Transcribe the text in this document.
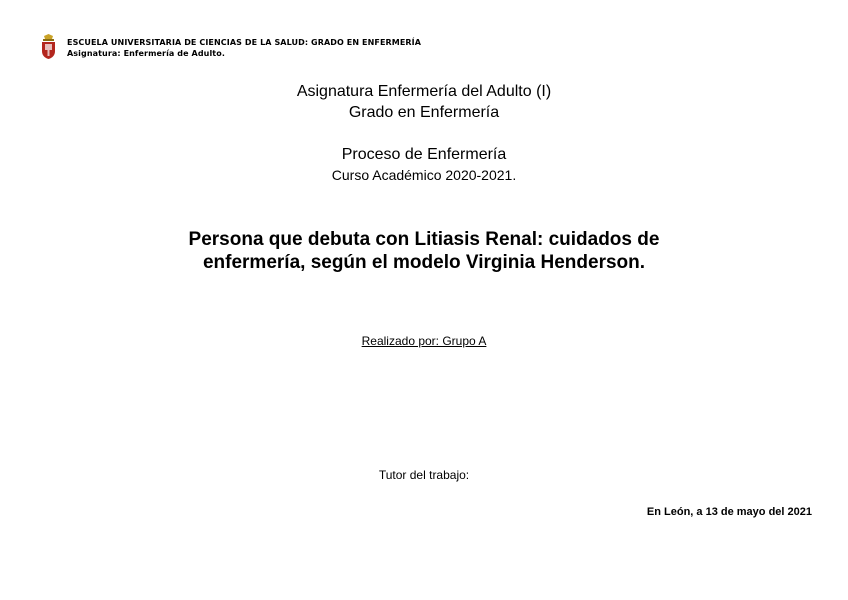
ESCUELA UNIVERSITARIA DE CIENCIAS DE LA SALUD: GRADO EN ENFERMERÍA
Asignatura: Enfermería de Adulto.
Asignatura Enfermería del Adulto (I)
Grado en Enfermería
Proceso de Enfermería
Curso Académico 2020-2021.
Persona que debuta con Litiasis Renal: cuidados de
enfermería, según el modelo Virginia Henderson.
Realizado por: Grupo A
Tutor del trabajo:
En León, a 13 de mayo del 2021
